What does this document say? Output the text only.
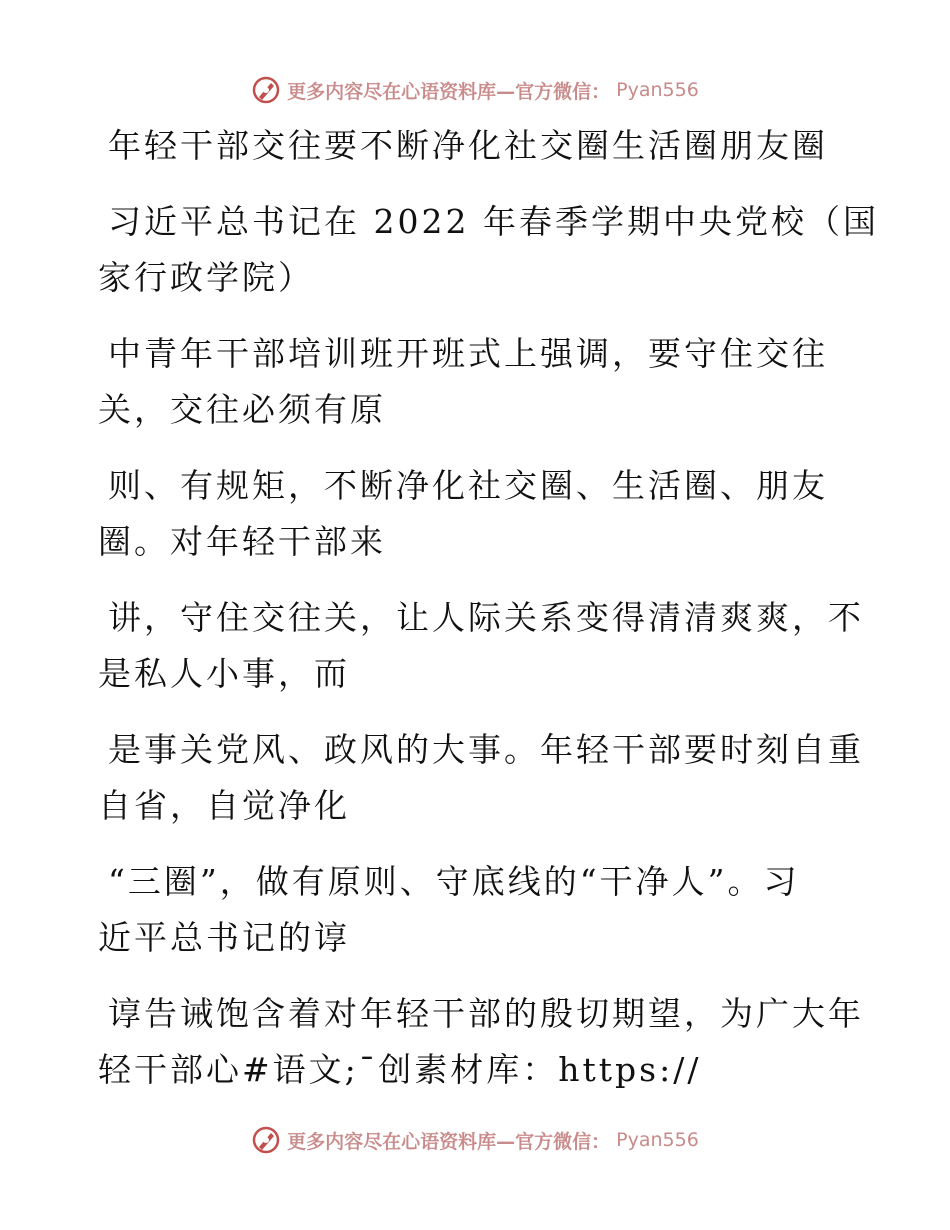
更多内容尽在心语资料库—官方微信： Pyan556
年轻干部交往要不断净化社交圈生活圈朋友圈
习近平总书记在 2022 年春季学期中央党校（国
家行政学院）
中青年干部培训班开班式上强调，要守住交往
关，交往必须有原
则、有规矩，不断净化社交圈、生活圈、朋友
圈。对年轻干部来
讲，守住交往关，让人际关系变得清清爽爽，不
是私人小事，而
是事关党风、政风的大事。年轻干部要时刻自重
自省，自觉净化
“三圈”，做有原则、守底线的“干净人”。习
近平总书记的谆
谆告诫饱含着对年轻干部的殷切期望，为广大年
轻干部心#语文;¯创素材库：https://
更多内容尽在心语资料库—官方微信： Pyan556
